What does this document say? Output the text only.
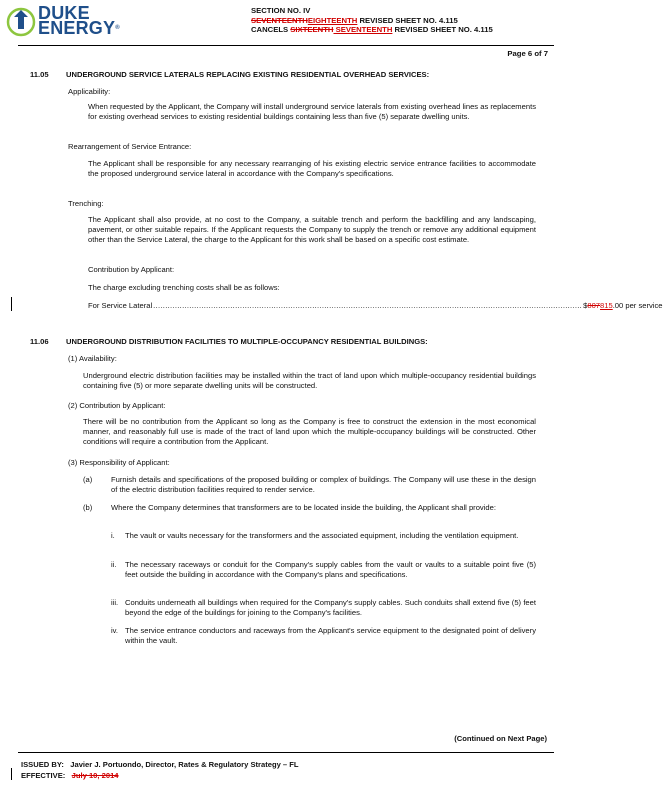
DUKE
ENERGY®
SECTION NO. IV
SEVENTEENTHEIGHTEENTH REVISED SHEET NO. 4.115
CANCELS SIXTEENTH SEVENTEENTH REVISED SHEET NO. 4.115
Page 6 of 7
11.05 UNDERGROUND SERVICE LATERALS REPLACING EXISTING RESIDENTIAL OVERHEAD SERVICES:
Applicability:
When requested by the Applicant, the Company will install underground service laterals from existing overhead lines as replacements for existing overhead services to existing residential buildings containing less than five (5) separate dwelling units.
Rearrangement of Service Entrance:
The Applicant shall be responsible for any necessary rearranging of his existing electric service entrance facilities to accommodate the proposed underground service lateral in accordance with the Company's specifications.
Trenching:
The Applicant shall also provide, at no cost to the Company, a suitable trench and perform the backfilling and any landscaping, pavement, or other suitable repairs. If the Applicant requests the Company to supply the trench or remove any additional equipment other than the Service Lateral, the charge to the Applicant for this work shall be based on a specific cost estimate.
Contribution by Applicant:
The charge excluding trenching costs shall be as follows:
For Service Lateral .................................................................................................................................................................................. $807815.00 per service
11.06 UNDERGROUND DISTRIBUTION FACILITIES TO MULTIPLE-OCCUPANCY RESIDENTIAL BUILDINGS:
(1) Availability:
Underground electric distribution facilities may be installed within the tract of land upon which multiple-occupancy residential buildings containing five (5) or more separate dwelling units will be constructed.
(2) Contribution by Applicant:
There will be no contribution from the Applicant so long as the Company is free to construct the extension in the most economical manner, and reasonably full use is made of the tract of land upon which the multiple-occupancy buildings will be constructed. Other conditions will require a contribution from the Applicant.
(3) Responsibility of Applicant:
(a) Furnish details and specifications of the proposed building or complex of buildings. The Company will use these in the design of the electric distribution facilities required to render service.
(b) Where the Company determines that transformers are to be located inside the building, the Applicant shall provide:
i. The vault or vaults necessary for the transformers and the associated equipment, including the ventilation equipment.
ii. The necessary raceways or conduit for the Company's supply cables from the vault or vaults to a suitable point five (5) feet outside the building in accordance with the Company's plans and specifications.
iii. Conduits underneath all buildings when required for the Company's supply cables. Such conduits shall extend five (5) feet beyond the edge of the buildings for joining to the Company's facilities.
iv. The service entrance conductors and raceways from the Applicant's service equipment to the designated point of delivery within the vault.
(Continued on Next Page)
ISSUED BY: Javier J. Portuondo, Director, Rates & Regulatory Strategy – FL
EFFECTIVE: July 10, 2014
